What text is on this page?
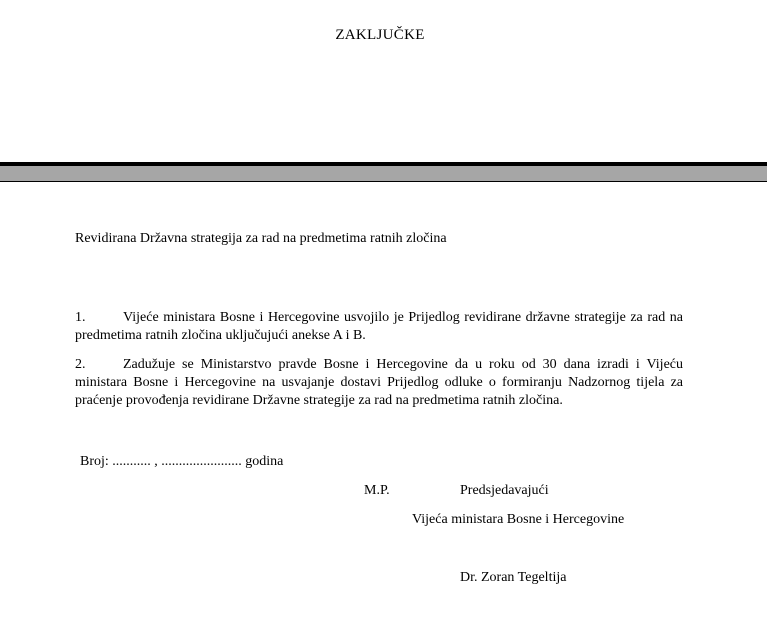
ZAKLJUČKE
Revidirana Državna strategija za rad na predmetima ratnih zločina
1.	Vijeće ministara Bosne i Hercegovine usvojilo je Prijedlog revidirane državne strategije za rad na predmetima ratnih zločina uključujući anekse A i B.
2.	Zadužuje se Ministarstvo pravde Bosne i Hercegovine da u roku od 30 dana izradi i Vijeću ministara Bosne i Hercegovine na usvajanje dostavi Prijedlog odluke o formiranju Nadzornog tijela za praćenje provođenja revidirane Državne strategije za rad na predmetima ratnih zločina.
Broj: ........... , ....................... godina
M.P.	Predsjedavajući
Vijeća ministara Bosne i Hercegovine
Dr. Zoran Tegeltija
